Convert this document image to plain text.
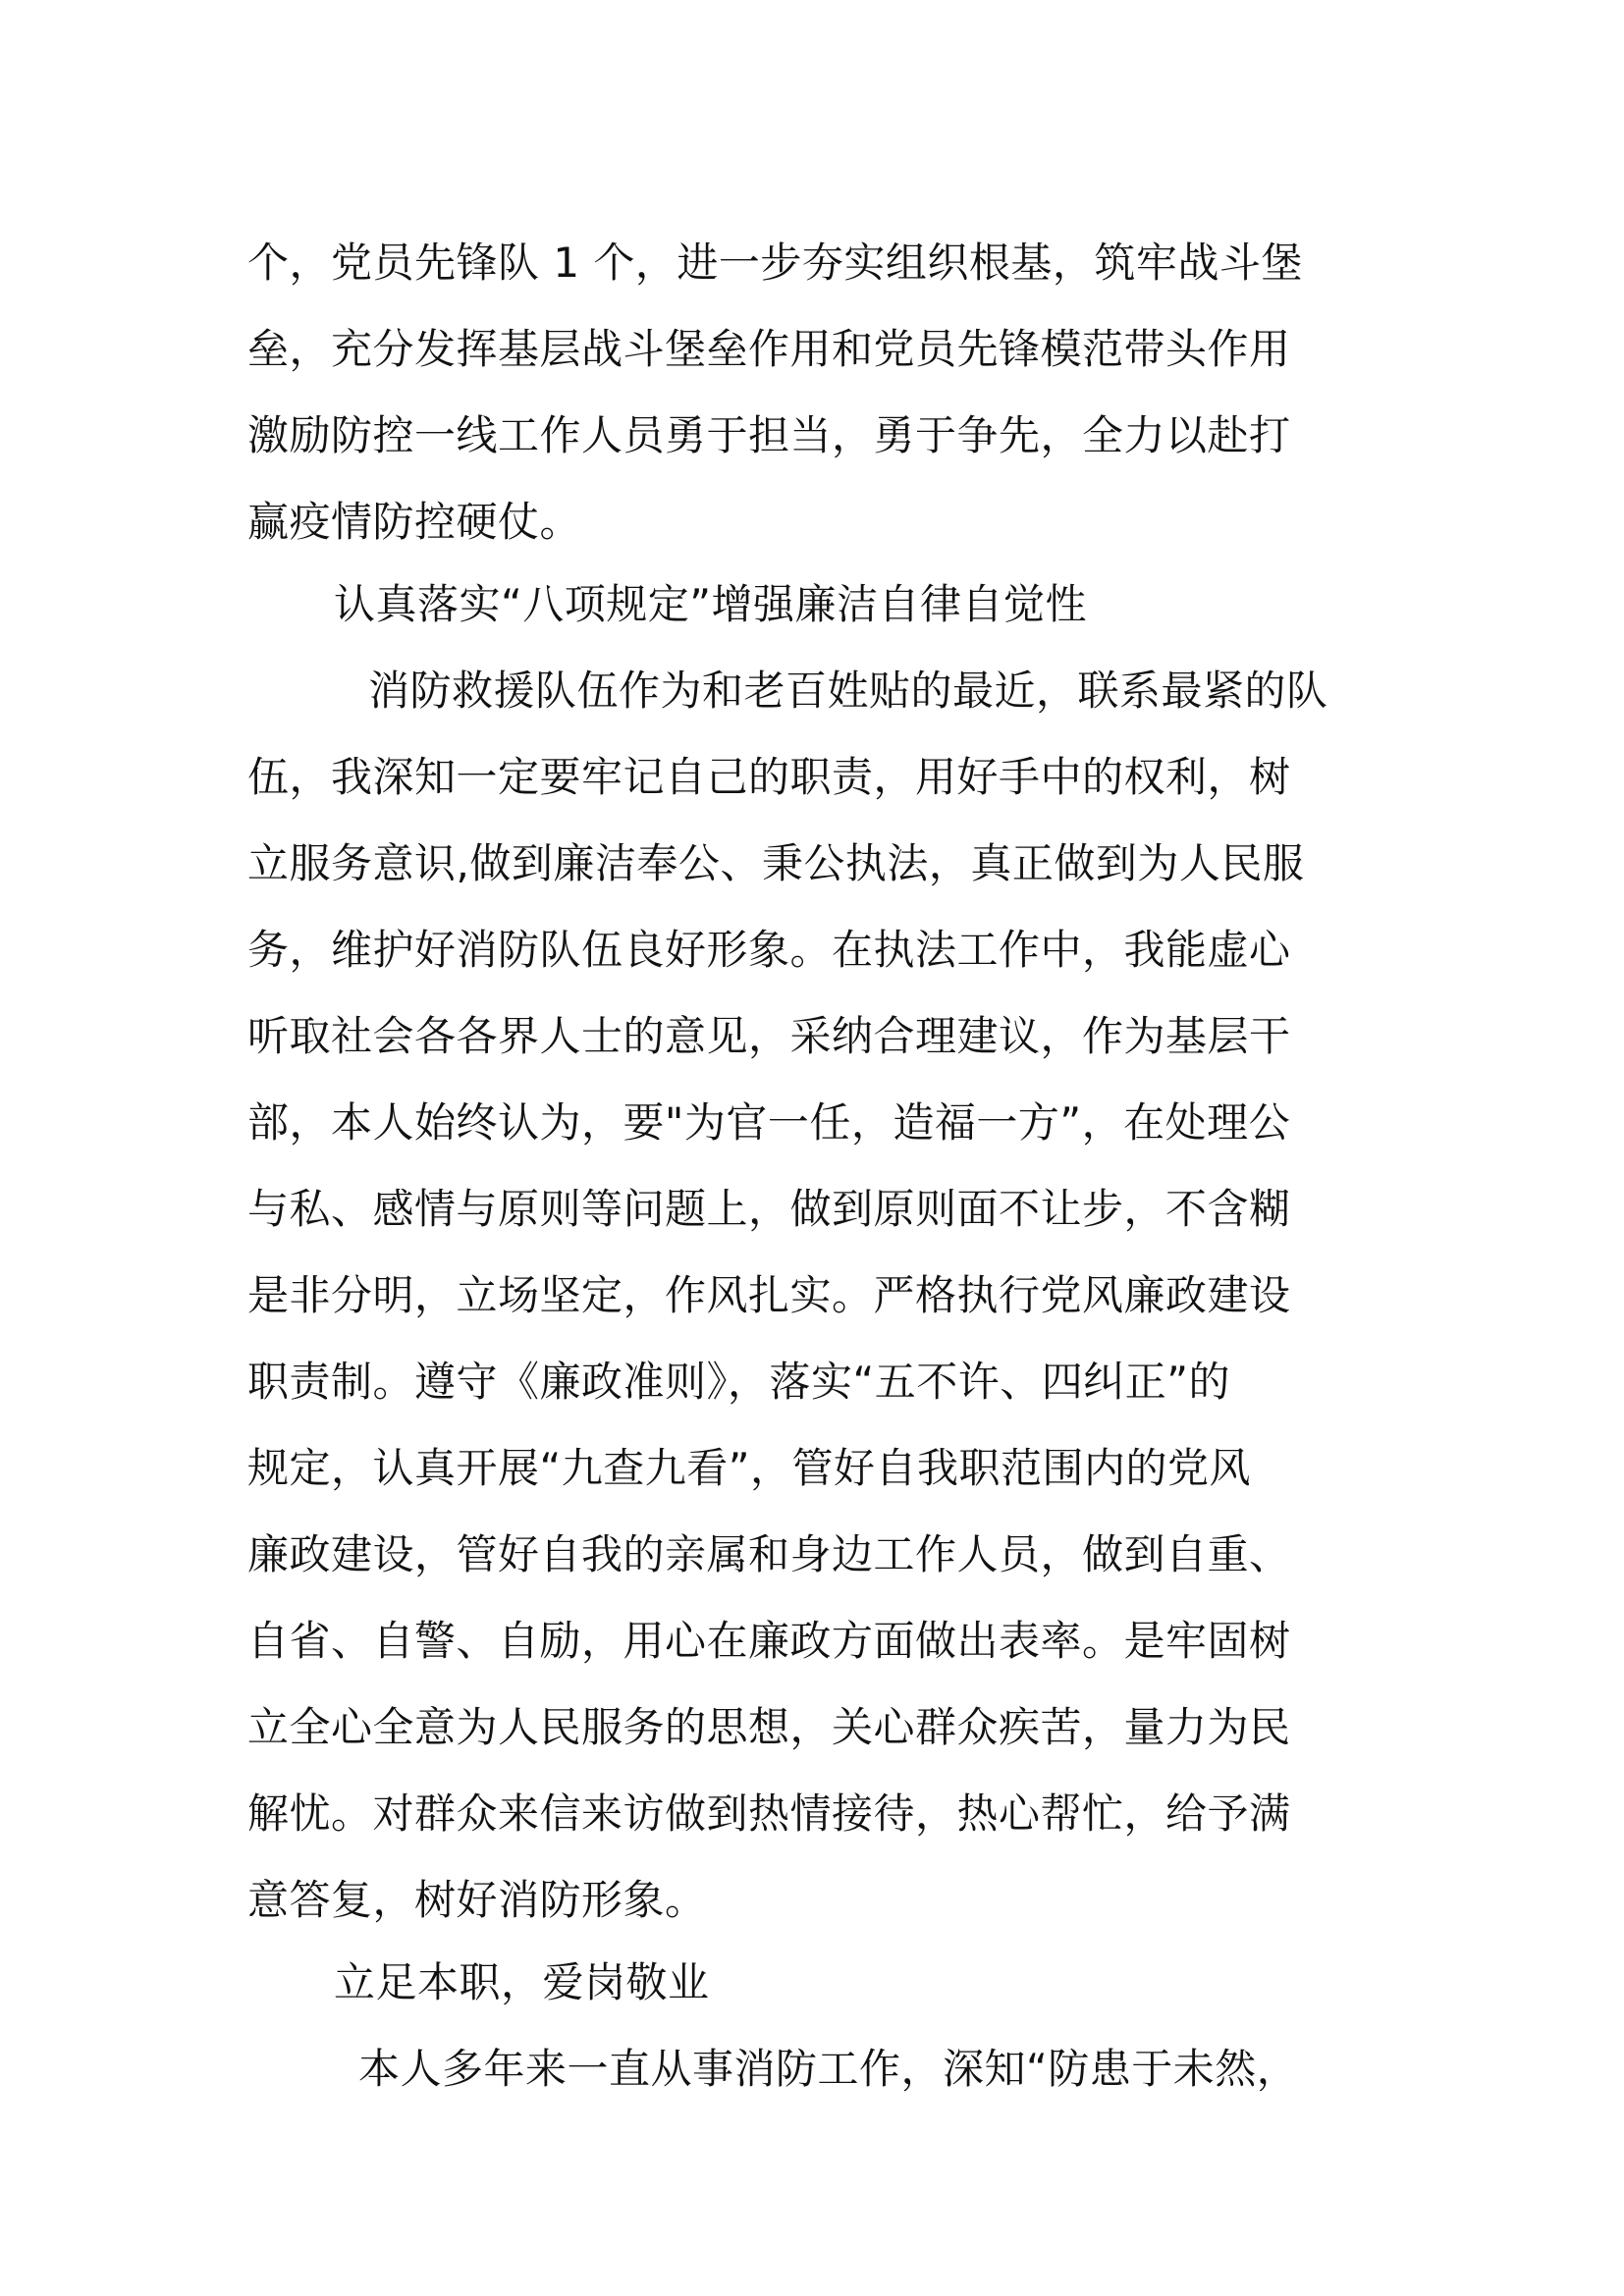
个，党员先锋队 1 个，进一步夯实组织根基，筑牢战斗堡
垒，充分发挥基层战斗堡垒作用和党员先锋模范带头作用
激励防控一线工作人员勇于担当，勇于争先，全力以赴打
赢疫情防控硬仗。
认真落实“八项规定”增强廉洁自律自觉性
消防救援队伍作为和老百姓贴的最近，联系最紧的队
伍，我深知一定要牢记自己的职责，用好手中的权利，树
立服务意识,做到廉洁奉公、秉公执法，真正做到为人民服
务，维护好消防队伍良好形象。在执法工作中，我能虚心
听取社会各各界人士的意见，采纳合理建议，作为基层干
部，本人始终认为，要"为官一任，造福一方”，在处理公
与私、感情与原则等问题上，做到原则面不让步，不含糊
是非分明，立场坚定，作风扎实。严格执行党风廉政建设
职责制。遵守《廉政准则》，落实“五不许、四纠正”的
规定，认真开展“九查九看”，管好自我职范围内的党风
廉政建设，管好自我的亲属和身边工作人员，做到自重、
自省、自警、自励，用心在廉政方面做出表率。是牢固树
立全心全意为人民服务的思想，关心群众疾苦，量力为民
解忧。对群众来信来访做到热情接待，热心帮忙，给予满
意答复，树好消防形象。
立足本职，爱岗敬业
本人多年来一直从事消防工作，深知“防患于未然，
